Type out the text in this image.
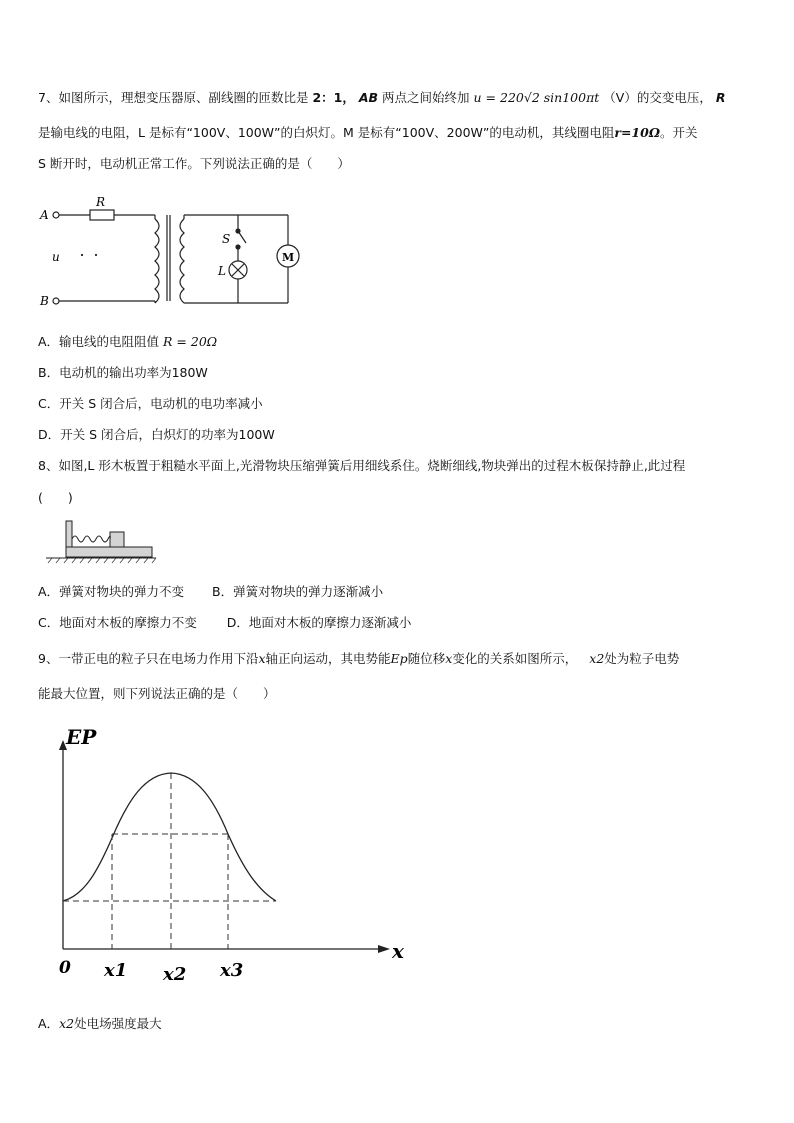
7、如图所示，理想变压器原、副线圈的匝数比是 2：1， AB 两点之间始终加 u = 220√2 sin100πt （V）的交变电压， R
是输电线的电阻，L 是标有“100V、100W”的白炽灯。M 是标有“100V、200W”的电动机，其线圈电阻r=10Ω。开关
S 断开时，电动机正常工作。下列说法正确的是（　　）
A
B
R
u
S
L
M
A．输电线的电阻阻值 R = 20Ω
B．电动机的输出功率为180W
C．开关 S 闭合后，电动机的电功率减小
D．开关 S 闭合后，白炽灯的功率为100W
8、如图,L 形木板置于粗糙水平面上,光滑物块压缩弹簧后用细线系住。烧断细线,物块弹出的过程木板保持静止,此过程
(　　)
A．弹簧对物块的弹力不变 B．弹簧对物块的弹力逐渐减小
C．地面对木板的摩擦力不变 D．地面对木板的摩擦力逐渐减小
9、一带正电的粒子只在电场力作用下沿x轴正向运动，其电势能Ep随位移x变化的关系如图所示， x2处为粒子电势
能最大位置，则下列说法正确的是（　　）
EP
x
0 x1 x2 x3
A．x2处电场强度最大
